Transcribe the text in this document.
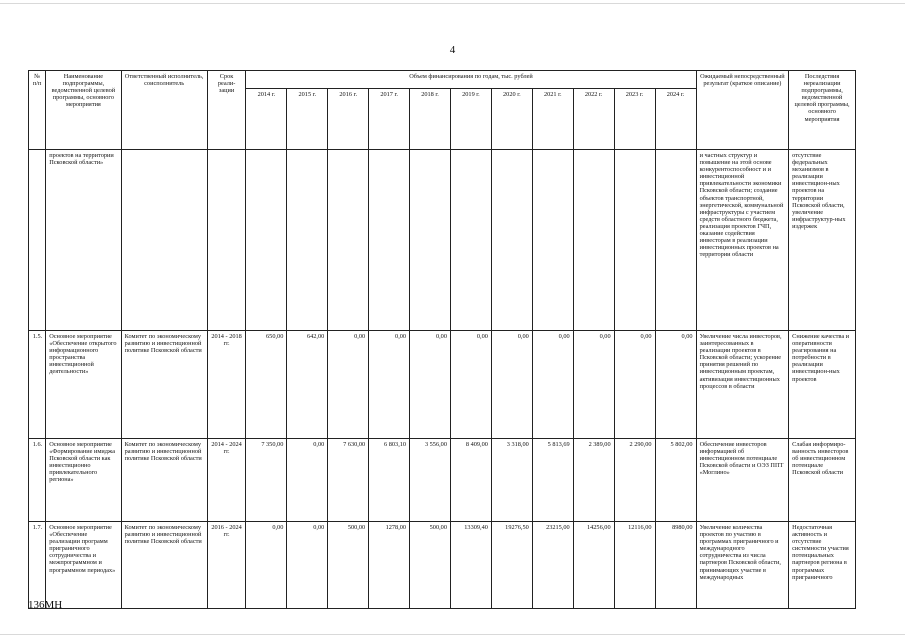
4
№ п/п	Наименование подпрограммы, ведомственной целевой программы, основного мероприятия	Ответственный исполнитель, соисполнитель	Срок реали-зации	Объем финансирования по годам, тыс. рублей											Ожидаемый непосредственный результат (краткое описание)	Последствия нереализации подпрограммы, ведомственной целевой программы, основного мероприятия
				2014 г.	2015 г.	2016 г.	2017 г.	2018 г.	2019 г.	2020 г.	2021 г.	2022 г.	2023 г.	2024 г.		
	проектов на территории Псковской области»														и частных структур и повышение на этой основе конкурентоспособност и и инвестиционной привлекательности экономики Псковской области; создание объектов транспортной, энергетической, коммунальной инфраструктуры с участием средств областного бюджета, реализация проектов ГЧП, оказание содействия инвесторам в реализации инвестиционных проектов на территории области	отсутствие федеральных механизмов в реализации инвестицион-ных проектов на территории Псковской области, увеличение инфраструктур-ных издержек
1.5.	Основное мероприятие «Обеспечение открытого информационного пространства инвестиционной деятельности»	Комитет по экономическому развитию и инвестиционной политике Псковской области	2014 - 2018 гг.	650,00	642,00	0,00	0,00	0,00	0,00	0,00	0,00	0,00	0,00	0,00	Увеличение числа инвесторов, заинтересованных в реализации проектов в Псковской области; ускорение принятия решений по инвестиционным проектам, активизация инвестиционных процессов в области	Снижение качества и оперативности реагирования на потребности в реализации инвестицион-ных проектов
1.6.	Основное мероприятие «Формирование имиджа Псковской области как инвестиционно привлекательного региона»	Комитет по экономическому развитию и инвестиционной политике Псковской области	2014 - 2024 гг.	7 350,00	0,00	7 630,00	6 803,10	3 556,00	8 409,00	3 318,00	5 813,69	2 389,00	2 290,00	5 802,00	Обеспечение инвесторов информацией об инвестиционном потенциале Псковской области и ОЭЗ ППТ «Моглино»	Слабая информиро-ванность инвесторов об инвестиционном потенциале Псковской области
1.7.	Основное мероприятие «Обеспечение реализации программ приграничного сотрудничества и межпрограммном и программном периодах»	Комитет по экономическому развитию и инвестиционной политике Псковской области	2016 - 2024 гг.	0,00	0,00	500,00	1278,00	500,00	13309,40	19276,50	23215,00	14256,00	12116,00	8980,00	Увеличение количества проектов по участию в программах приграничного и международного сотрудничества из числа партнеров Псковской области, принимающих участие в международных	Недостаточная активность и отсутствие системности участия потенциальных партнеров региона в программах приграничного
136МН
